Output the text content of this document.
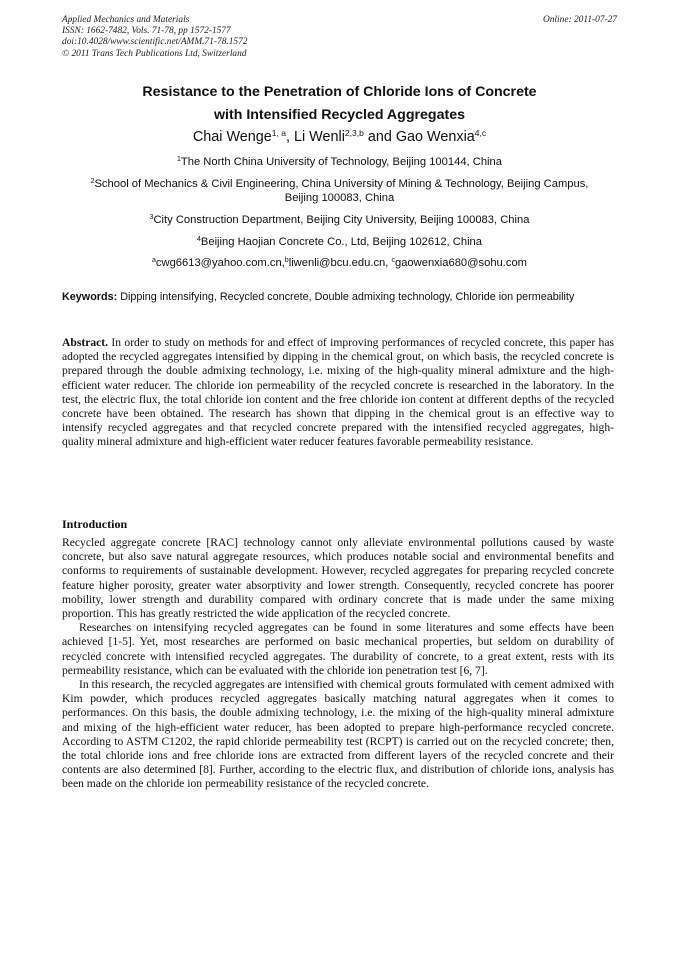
Applied Mechanics and Materials
ISSN: 1662-7482, Vols. 71-78, pp 1572-1577
doi:10.4028/www.scientific.net/AMM.71-78.1572
© 2011 Trans Tech Publications Ltd, Switzerland
Online: 2011-07-27
Resistance to the Penetration of Chloride Ions of Concrete
with Intensified Recycled Aggregates
Chai Wenge$^{1, a}$, Li Wenli$^{2,3,b}$ and Gao Wenxia$^{4,c}$
$^1$The North China University of Technology, Beijing 100144, China
$^2$School of Mechanics & Civil Engineering, China University of Mining & Technology, Beijing Campus, Beijing 100083, China
$^3$City Construction Department, Beijing City University, Beijing 100083, China
$^4$Beijing Haojian Concrete Co., Ltd, Beijing 102612, China
$^a$cwg6613@yahoo.com.cn,$^b$liwenli@bcu.edu.cn, $^c$gaowenxia680@sohu.com
Keywords: Dipping intensifying, Recycled concrete, Double admixing technology, Chloride ion permeability
Abstract. In order to study on methods for and effect of improving performances of recycled concrete, this paper has adopted the recycled aggregates intensified by dipping in the chemical grout, on which basis, the recycled concrete is prepared through the double admixing technology, i.e. mixing of the high-quality mineral admixture and the high-efficient water reducer. The chloride ion permeability of the recycled concrete is researched in the laboratory. In the test, the electric flux, the total chloride ion content and the free chloride ion content at different depths of the recycled concrete have been obtained. The research has shown that dipping in the chemical grout is an effective way to intensify recycled aggregates and that recycled concrete prepared with the intensified recycled aggregates, high-quality mineral admixture and high-efficient water reducer features favorable permeability resistance.
Introduction

Recycled aggregate concrete [RAC] technology cannot only alleviate environmental pollutions caused by waste concrete, but also save natural aggregate resources, which produces notable social and environmental benefits and conforms to requirements of sustainable development. However, recycled aggregates for preparing recycled concrete feature higher porosity, greater water absorptivity and lower strength. Consequently, recycled concrete has poorer mobility, lower strength and durability compared with ordinary concrete that is made under the same mixing proportion. This has greatly restricted the wide application of the recycled concrete.

Researches on intensifying recycled aggregates can be found in some literatures and some effects have been achieved [1-5]. Yet, most researches are performed on basic mechanical properties, but seldom on durability of recycled concrete with intensified recycled aggregates. The durability of concrete, to a great extent, rests with its permeability resistance, which can be evaluated with the chloride ion penetration test [6, 7].

In this research, the recycled aggregates are intensified with chemical grouts formulated with cement admixed with Kim powder, which produces recycled aggregates basically matching natural aggregates when it comes to performances. On this basis, the double admixing technology, i.e. the mixing of the high-quality mineral admixture and mixing of the high-efficient water reducer, has been adopted to prepare high-performance recycled concrete. According to ASTM C1202, the rapid chloride permeability test (RCPT) is carried out on the recycled concrete; then, the total chloride ions and free chloride ions are extracted from different layers of the recycled concrete and their contents are also determined [8]. Further, according to the electric flux, and distribution of chloride ions, analysis has been made on the chloride ion permeability resistance of the recycled concrete.
